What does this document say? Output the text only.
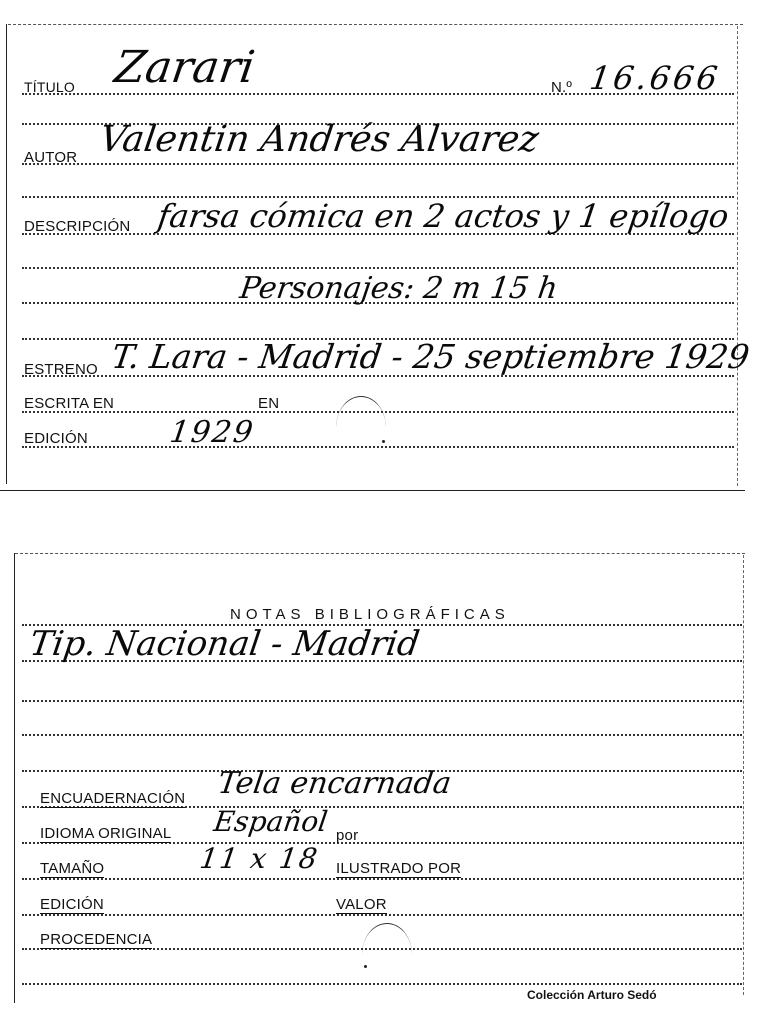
TÍTULO Zarari	N.º 16.666
AUTOR Valentin Andrés Alvarez
DESCRIPCIÓN farsa cómica en 2 actos y 1 epílogo
Personajes: 2 m 15 h
ESTRENO T. Lara - Madrid - 25 septiembre 1929
ESCRITA EN	EN
EDICIÓN	1929
NOTAS BIBLIOGRÁFICAS
Tip. Nacional - Madrid
ENCUADERNACIÓN Tela encarnada
IDIOMA ORIGINAL Español por
TAMAÑO	11 x 18 ILUSTRADO POR
EDICIÓN	VALOR
PROCEDENCIA
Colección Arturo Sedó
